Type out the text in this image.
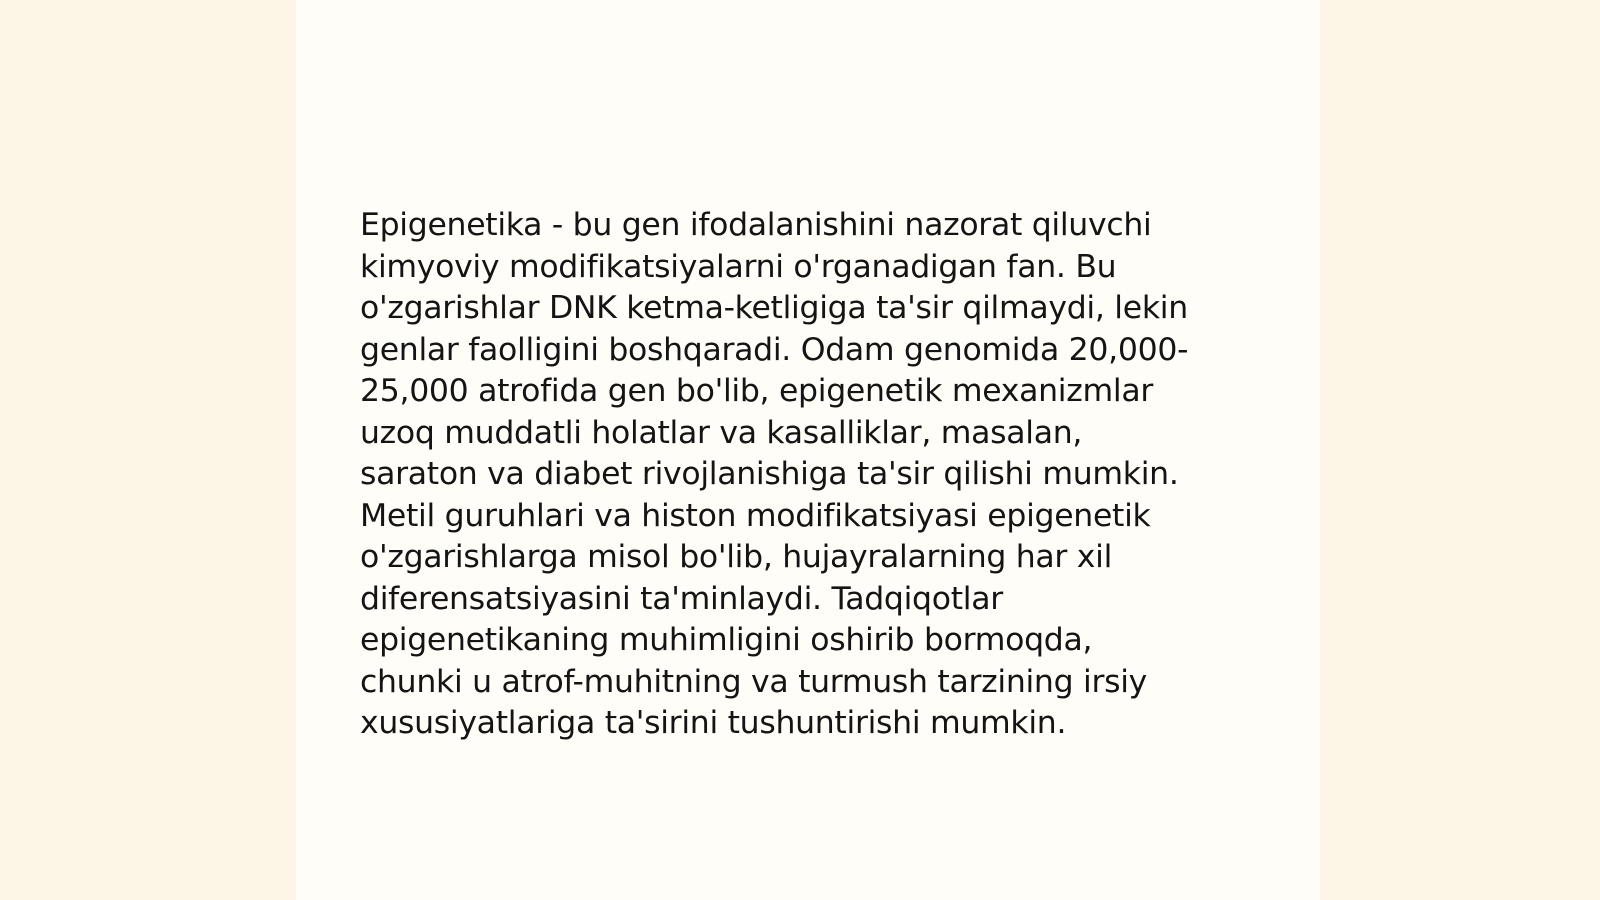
Epigenetika - bu gen ifodalanishini nazorat qiluvchi
kimyoviy modifikatsiyalarni o'rganadigan fan. Bu
o'zgarishlar DNK ketma-ketligiga ta'sir qilmaydi, lekin
genlar faolligini boshqaradi. Odam genomida 20,000-
25,000 atrofida gen bo'lib, epigenetik mexanizmlar
uzoq muddatli holatlar va kasalliklar, masalan,
saraton va diabet rivojlanishiga ta'sir qilishi mumkin.
Metil guruhlari va histon modifikatsiyasi epigenetik
o'zgarishlarga misol bo'lib, hujayralarning har xil
diferensatsiyasini ta'minlaydi. Tadqiqotlar
epigenetikaning muhimligini oshirib bormoqda,
chunki u atrof-muhitning va turmush tarzining irsiy
xususiyatlariga ta'sirini tushuntirishi mumkin.
